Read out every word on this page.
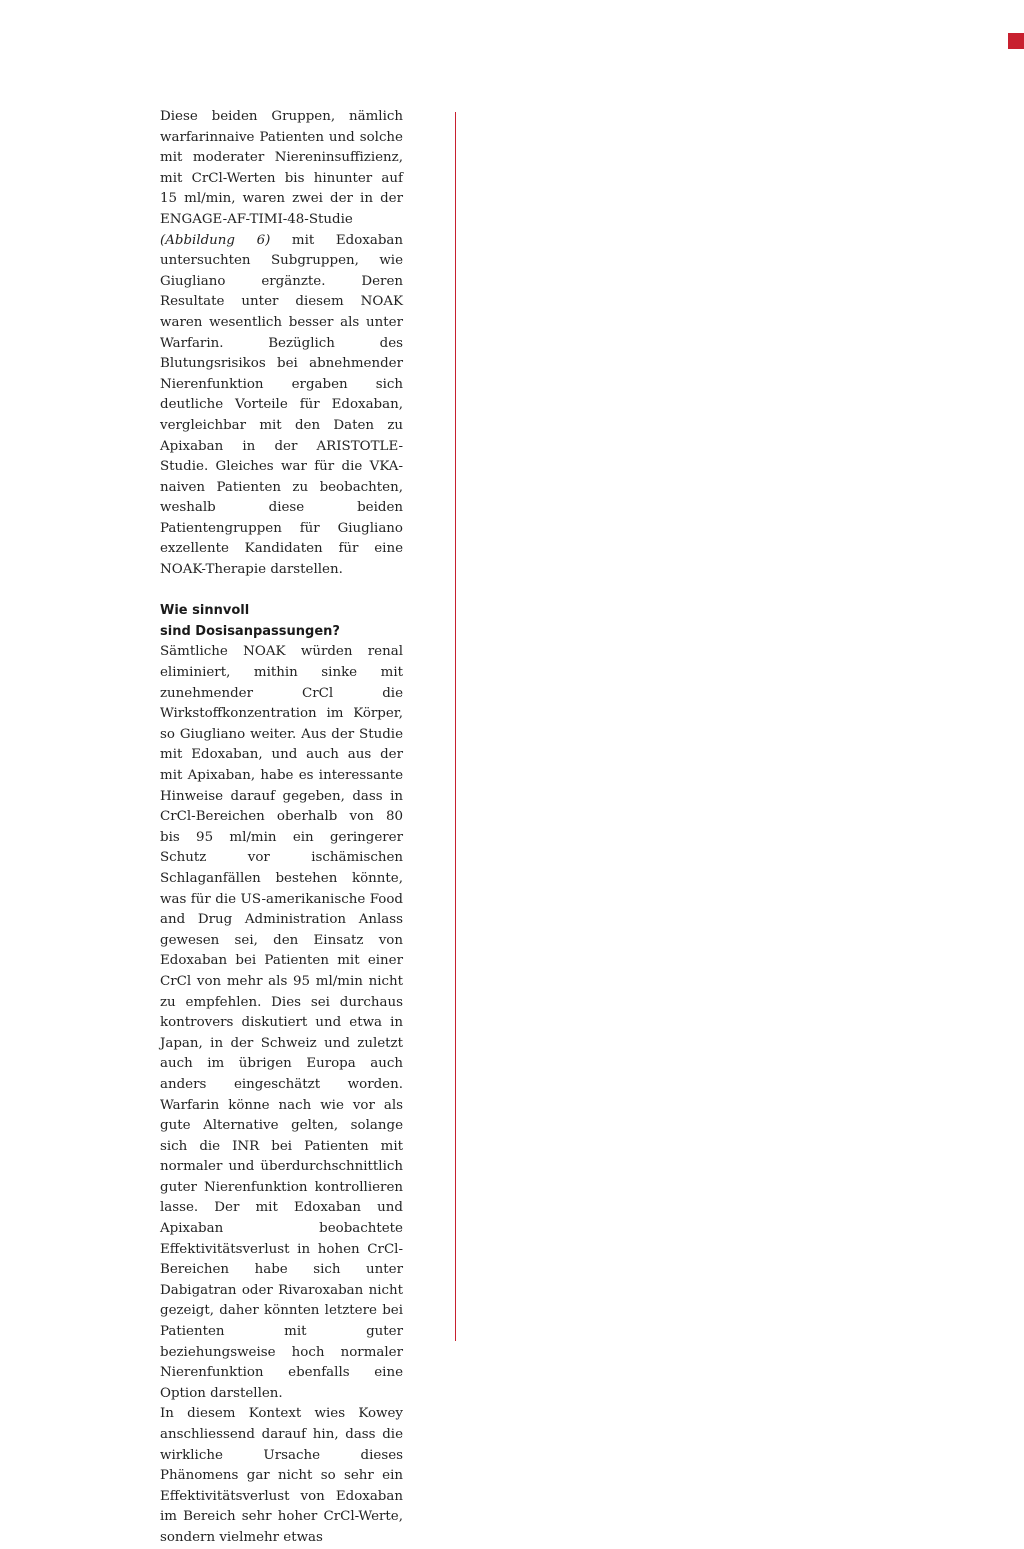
Diese beiden Gruppen, nämlich warfarinnaive Patienten und solche mit moderater Niereninsuffizienz, mit CrCl-Werten bis hinunter auf 15 ml/min, waren zwei der in der ENGAGE-AF-TIMI-48-Studie (Abbildung 6) mit Edoxaban untersuchten Subgruppen, wie Giugliano ergänzte. Deren Resultate unter diesem NOAK waren wesentlich besser als unter Warfarin. Bezüglich des Blutungsrisikos bei abnehmender Nierenfunktion ergaben sich deutliche Vorteile für Edoxaban, vergleichbar mit den Daten zu Apixaban in der ARISTOTLE-Studie. Gleiches war für die VKA-naiven Patienten zu beobachten, weshalb diese beiden Patientengruppen für Giugliano exzellente Kandidaten für eine NOAK-Therapie darstellen.

Wie sinnvoll
sind Dosisanpassungen?

Sämtliche NOAK würden renal eliminiert, mithin sinke mit zunehmender CrCl die Wirkstoffkonzentration im Körper, so Giugliano weiter. Aus der Studie mit Edoxaban, und auch aus der mit Apixaban, habe es interessante Hinweise darauf gegeben, dass in CrCl-Bereichen oberhalb von 80 bis 95 ml/min ein geringerer Schutz vor ischämischen Schlaganfällen bestehen könnte, was für die US-amerikanische Food and Drug Administration Anlass gewesen sei, den Einsatz von Edoxaban bei Patienten mit einer CrCl von mehr als 95 ml/min nicht zu empfehlen. Dies sei durchaus kontrovers diskutiert und etwa in Japan, in der Schweiz und zuletzt auch im übrigen Europa auch anders eingeschätzt worden. Warfarin könne nach wie vor als gute Alternative gelten, solange sich die INR bei Patienten mit normaler und überdurchschnittlich guter Nierenfunktion kontrollieren lasse. Der mit Edoxaban und Apixaban beobachtete Effektivitätsverlust in hohen CrCl-Bereichen habe sich unter Dabigatran oder Rivaroxaban nicht gezeigt, daher könnten letztere bei Patienten mit guter beziehungsweise hoch normaler Nierenfunktion ebenfalls eine Option darstellen.

In diesem Kontext wies Kowey anschliessend darauf hin, dass die wirkliche Ursache dieses Phänomens gar nicht so sehr ein Effektivitätsverlust von Edoxaban im Bereich sehr hoher CrCl-Werte, sondern vielmehr etwas
